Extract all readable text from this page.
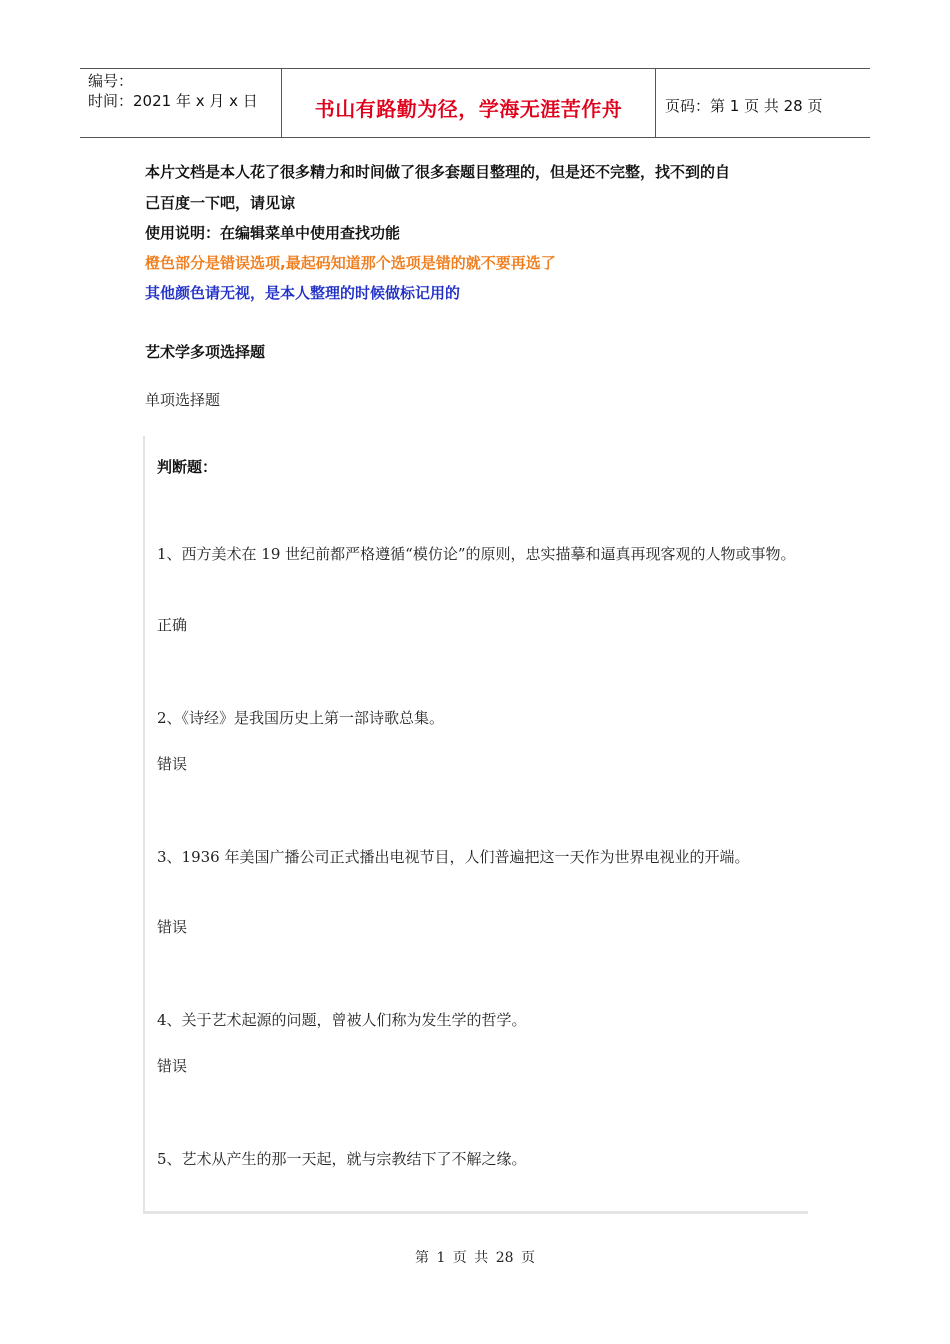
编号：
时间：2021 年 x 月 x 日	书山有路勤为径，学海无涯苦作舟	页码：第 1 页 共 28 页
本片文档是本人花了很多精力和时间做了很多套题目整理的，但是还不完整，找不到的自
己百度一下吧，请见谅
使用说明：在编辑菜单中使用查找功能
橙色部分是错误选项,最起码知道那个选项是错的就不要再选了
其他颜色请无视，是本人整理的时候做标记用的
艺术学多项选择题
单项选择题
判断题：
1、西方美术在 19 世纪前都严格遵循“模仿论”的原则，忠实描摹和逼真再现客观的人物或事物。
正确
2、《诗经》是我国历史上第一部诗歌总集。
错误
3、1936 年美国广播公司正式播出电视节目，人们普遍把这一天作为世界电视业的开端。
错误
4、关于艺术起源的问题，曾被人们称为发生学的哲学。
错误
5、艺术从产生的那一天起，就与宗教结下了不解之缘。
第 1 页 共 28 页
